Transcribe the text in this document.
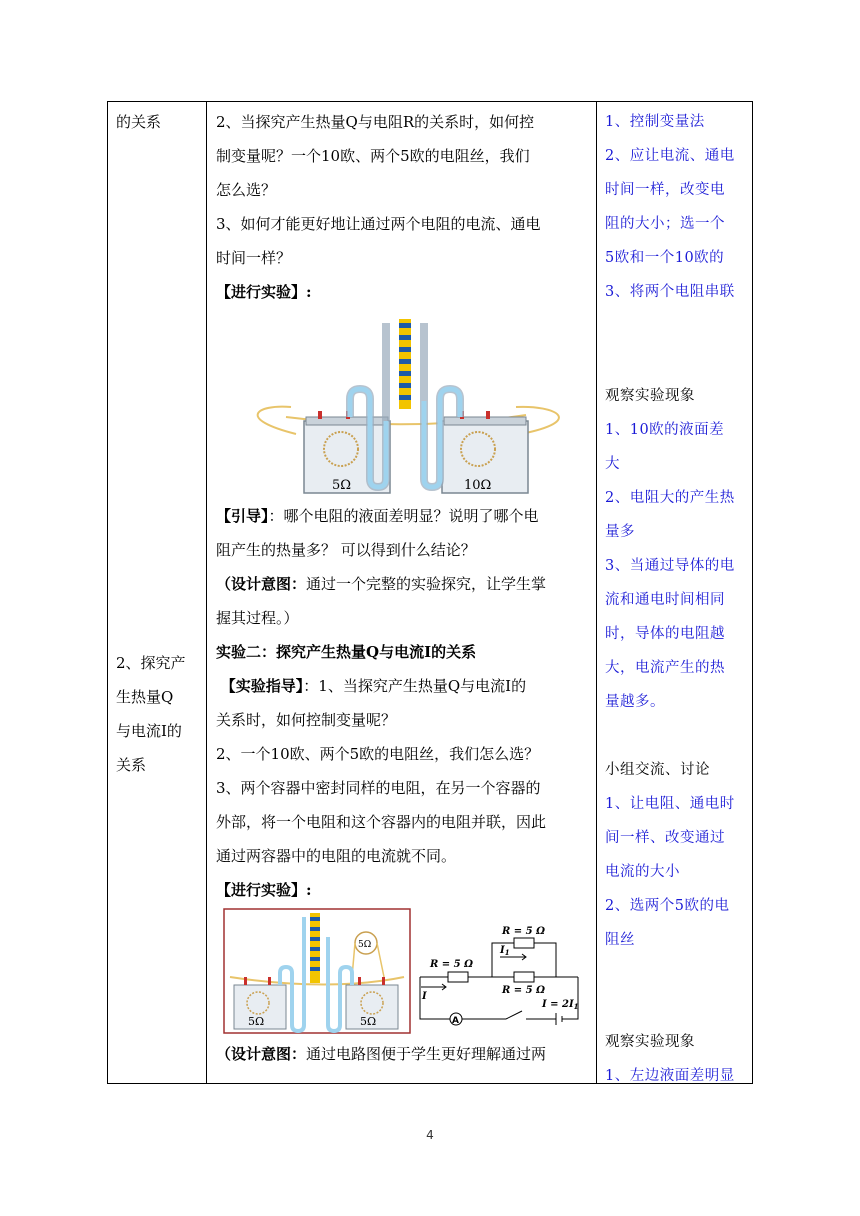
的关系
2、探究产
生热量Q
与电流I的
关系
2、当探究产生热量Q与电阻R的关系时，如何控
制变量呢？一个10欧、两个5欧的电阻丝，我们
怎么选？
3、如何才能更好地让通过两个电阻的电流、通电
时间一样？
【进行实验】:
5Ω	10Ω
【引导】：哪个电阻的液面差明显？说明了哪个电
阻产生的热量多？ 可以得到什么结论？
（设计意图：通过一个完整的实验探究，让学生掌
握其过程。）
实验二：探究产生热量Q与电流I的关系
【实验指导】：1、当探究产生热量Q与电流I的
关系时，如何控制变量呢？
2、一个10欧、两个5欧的电阻丝，我们怎么选？
3、两个容器中密封同样的电阻，在另一个容器的
外部，将一个电阻和这个容器内的电阻并联，因此
通过两容器中的电阻的电流就不同。
【进行实验】:
5Ω	5Ω
5Ω
R = 5 Ω
R = 5 Ω
R = 5 Ω
$I_1$
I
$I = 2I_1$
A
（设计意图：通过电路图便于学生更好理解通过两
1、控制变量法
2、应让电流、通电
时间一样，改变电
阻的大小；选一个
5欧和一个10欧的
3、将两个电阻串联
观察实验现象
1、10欧的液面差
大
2、电阻大的产生热
量多
3、当通过导体的电
流和通电时间相同
时，导体的电阻越
大，电流产生的热
量越多。
小组交流、讨论
1、让电阻、通电时
间一样、改变通过
电流的大小
2、选两个5欧的电
阻丝
观察实验现象
1、左边液面差明显
4
